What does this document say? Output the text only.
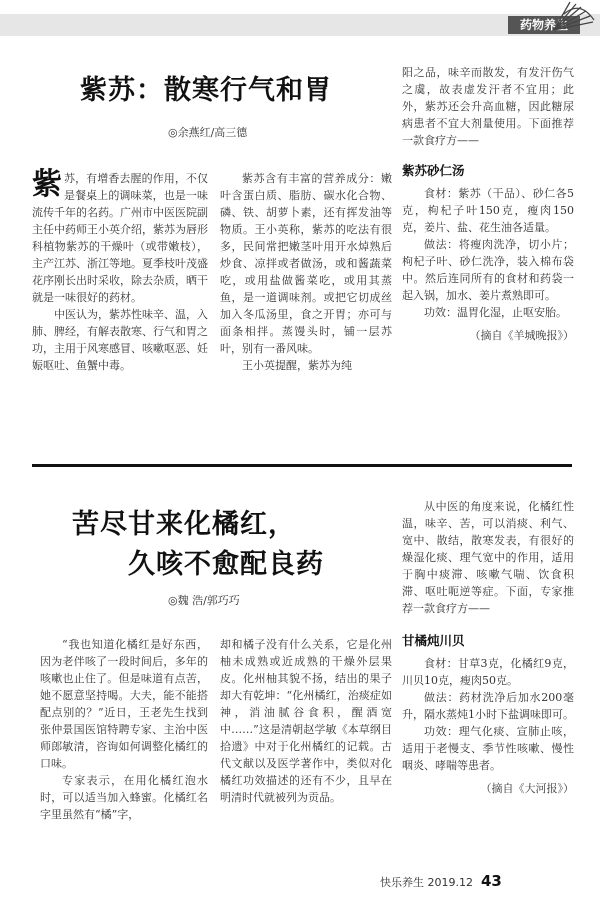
药物养生
紫苏：散寒行气和胃
◎余燕红/高三德

紫苏，有增香去腥的作用，不仅是餐桌上的调味菜，也是一味流传千年的名药。广州市中医医院副主任中药师王小英介绍，紫苏为唇形科植物紫苏的干燥叶（或带嫩枝），主产江苏、浙江等地。夏季枝叶茂盛花序刚长出时采收，除去杂质，晒干就是一味很好的药材。

中医认为，紫苏性味辛、温，入肺、脾经，有解表散寒、行气和胃之功，主用于风寒感冒、咳嗽呕恶、妊娠呕吐、鱼蟹中毒。

紫苏含有丰富的营养成分：嫩叶含蛋白质、脂肪、碳水化合物、磷、铁、胡萝卜素，还有挥发油等物质。王小英称，紫苏的吃法有很多，民间常把嫩茎叶用开水焯熟后炒食、凉拌或者做汤，或和酱蔬菜吃，或用盐做酱菜吃，或用其蒸鱼，是一道调味剂。或把它切成丝加入冬瓜汤里，食之开胃；亦可与面条相拌。蒸馒头时，铺一层苏叶，别有一番风味。

王小英提醒，紫苏为纯

阳之品，味辛而散发，有发汗伤气之虞，故表虚发汗者不宜用；此外，紫苏还会升高血糖，因此糖尿病患者不宜大剂量使用。下面推荐一款食疗方——

紫苏砂仁汤

食材：紫苏（干品）、砂仁各5克，枸杞子叶150克，瘦肉150克，姜片、盐、花生油各适量。

做法：将瘦肉洗净，切小片；枸杞子叶、砂仁洗净，装入棉布袋中。然后连同所有的食材和药袋一起入锅，加水、姜片煮熟即可。

功效：温胃化湿，止呕安胎。

（摘自《羊城晚报》）
苦尽甘来化橘红，
久咳不愈配良药
◎魏 浩/郭巧巧

“我也知道化橘红是好东西，因为老伴咳了一段时间后，多年的咳嗽也止住了。但是味道有点苦，她不愿意坚持喝。大夫，能不能搭配点别的？”近日，王老先生找到张仲景国医馆特聘专家、主治中医师郎敏清，咨询如何调整化橘红的口味。

专家表示，在用化橘红泡水时，可以适当加入蜂蜜。化橘红名字里虽然有“橘”字，

却和橘子没有什么关系，它是化州柚未成熟或近成熟的干燥外层果皮。化州柚其貌不扬，结出的果子却大有乾坤：“化州橘红，治痰症如神，消油腻谷食积，醒酒宽中……”这是清朝赵学敏《本草纲目拾遗》中对于化州橘红的记载。古代文献以及医学著作中，类似对化橘红功效描述的还有不少，且早在明清时代就被列为贡品。

从中医的角度来说，化橘红性温，味辛、苦，可以消痰、利气、宽中、散结，散寒发表，有很好的燥湿化痰、理气宽中的作用，适用于胸中痰滞、咳嗽气喘、饮食积滞、呕吐呃逆等症。下面，专家推荐一款食疗方——

甘橘炖川贝

食材：甘草3克，化橘红9克，川贝10克，瘦肉50克。

做法：药材洗净后加水200毫升，隔水蒸炖1小时下盐调味即可。

功效：理气化痰、宣肺止咳，适用于老慢支、季节性咳嗽、慢性咽炎、哮喘等患者。

（摘自《大河报》）
快乐养生 2019.12 43
